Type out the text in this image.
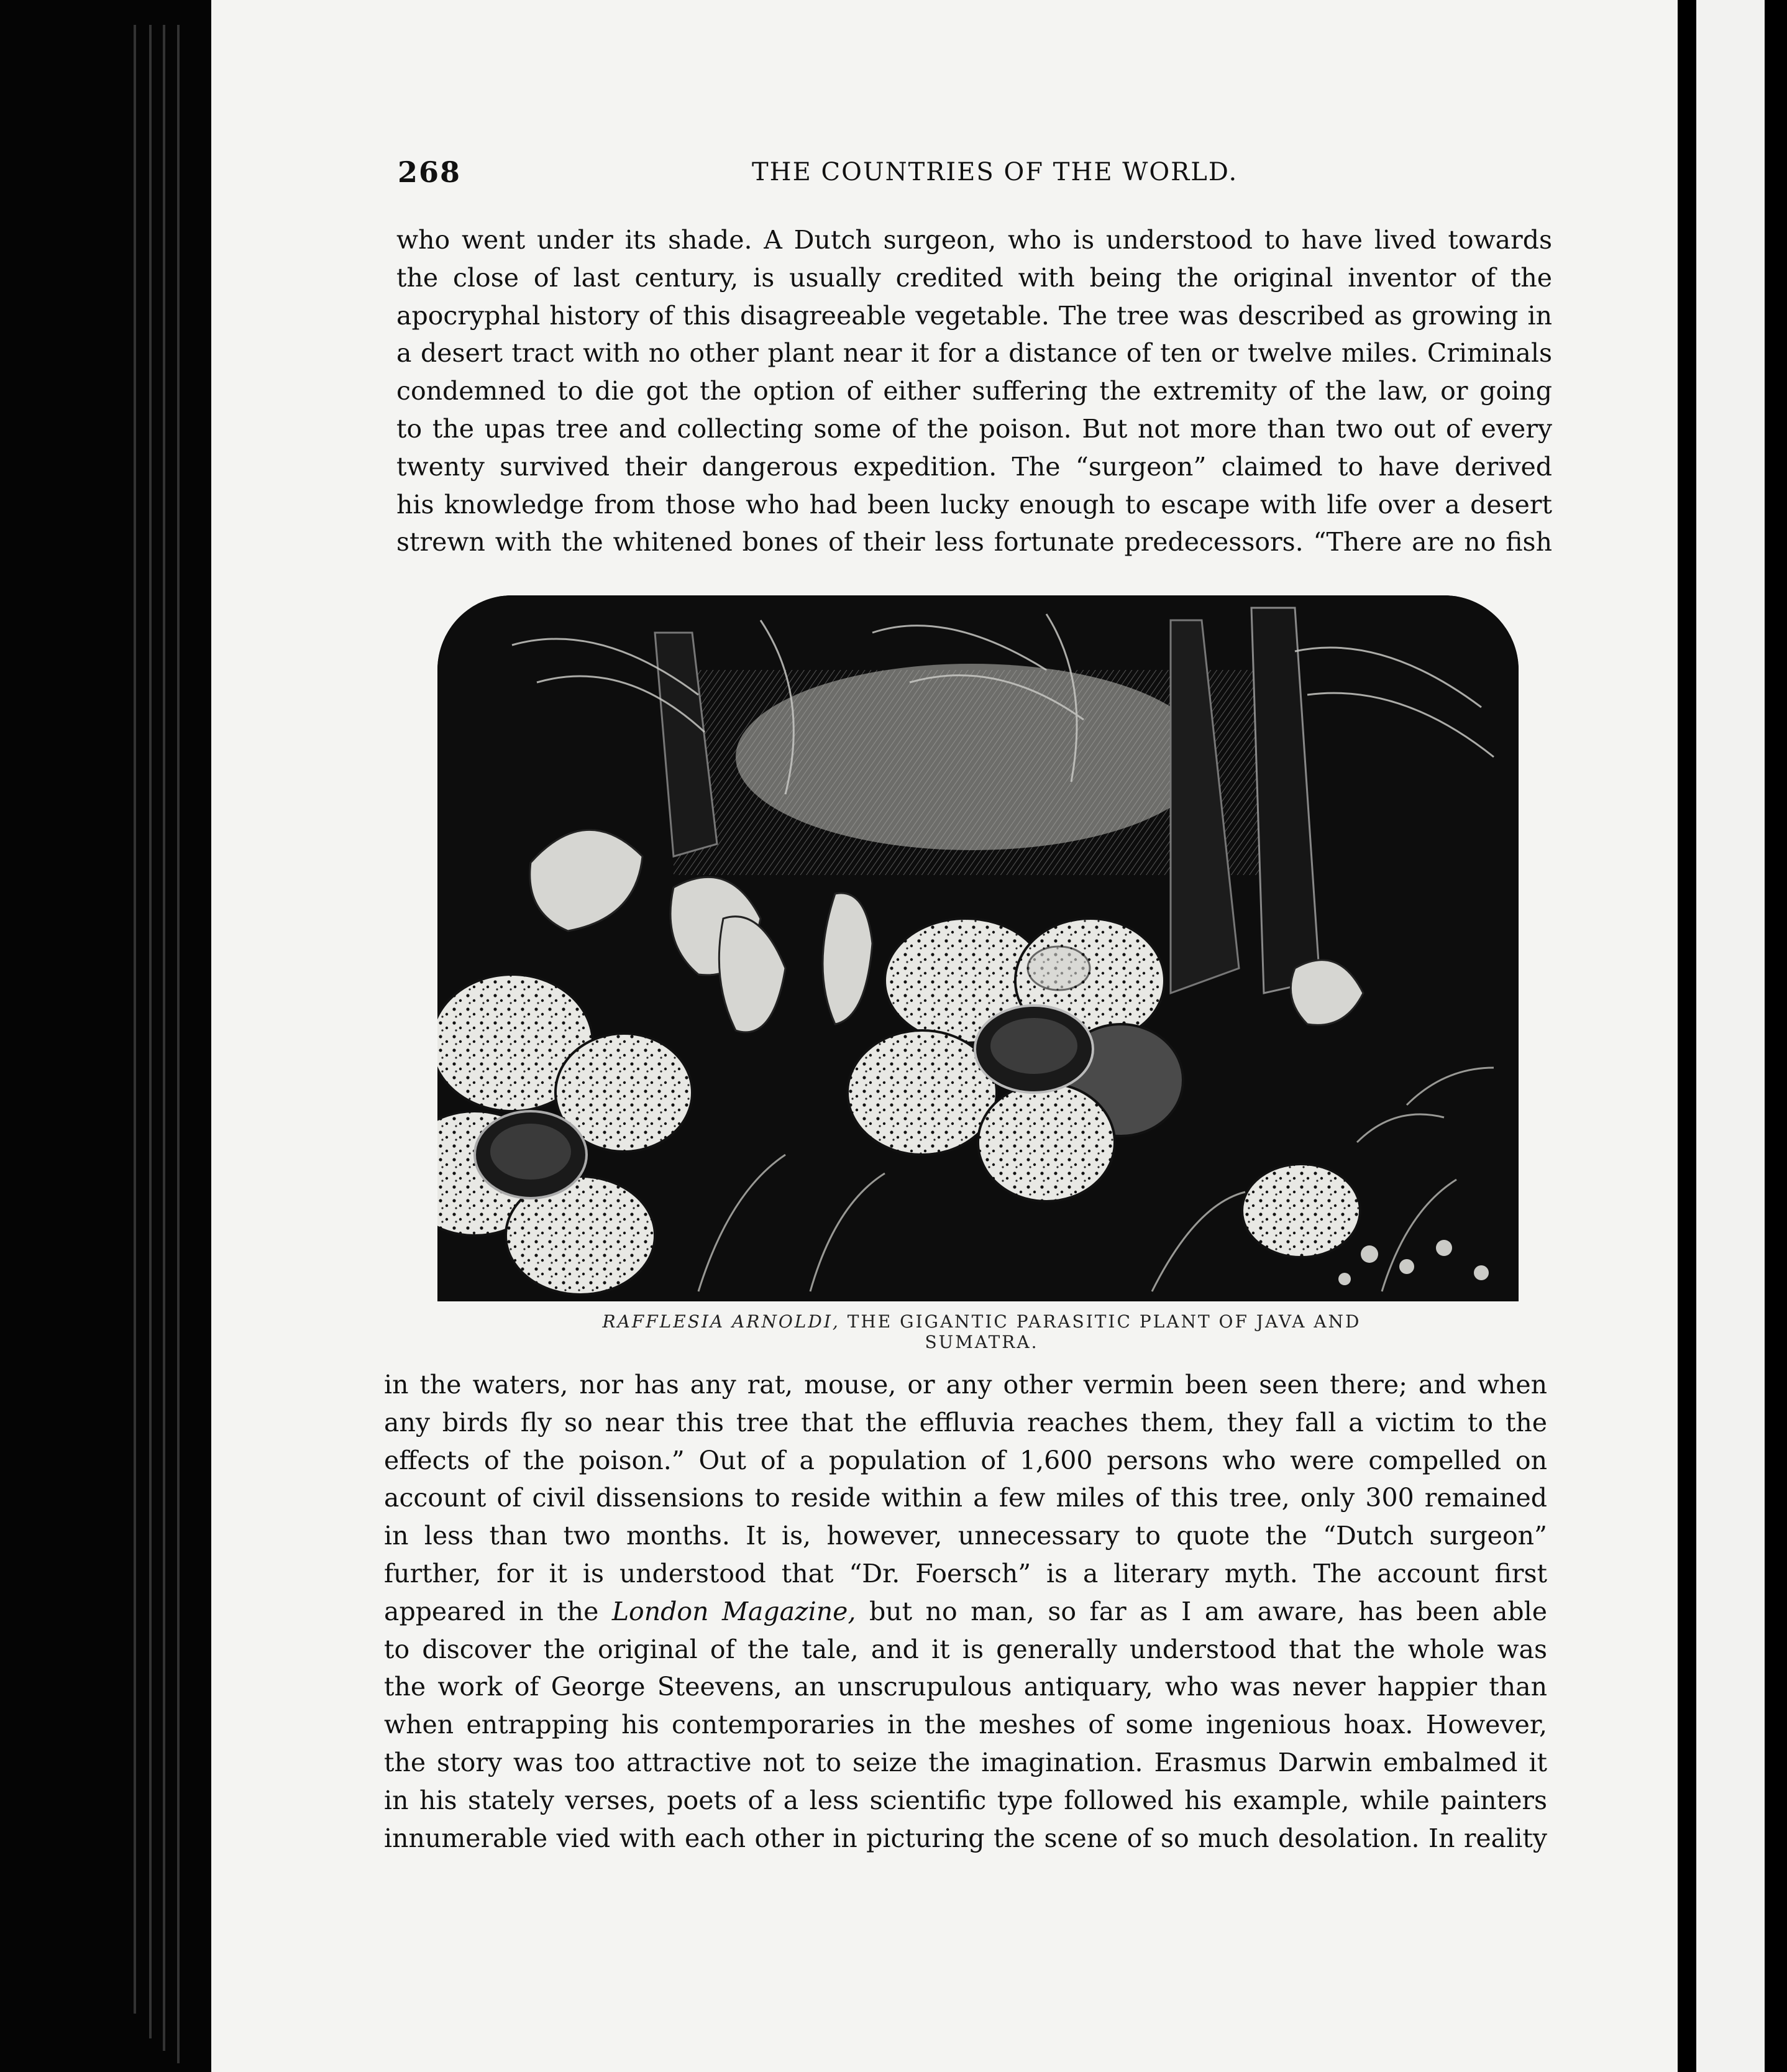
268	THE COUNTRIES OF THE WORLD.

who went under its shade. A Dutch surgeon, who is understood to have lived towards

the close of last century, is usually credited with being the original inventor of the

apocryphal history of this disagreeable vegetable. The tree was described as growing in

a desert tract with no other plant near it for a distance of ten or twelve miles. Criminals

condemned to die got the option of either suffering the extremity of the law, or going

to the upas tree and collecting some of the poison. But not more than two out of every

twenty survived their dangerous expedition. The “surgeon” claimed to have derived

his knowledge from those who had been lucky enough to escape with life over a desert

strewn with the whitened bones of their less fortunate predecessors. “There are no fish

RAFFLESIA ARNOLDI, THE GIGANTIC PARASITIC PLANT OF JAVA AND SUMATRA.

in the waters, nor has any rat, mouse, or any other vermin been seen there; and when

any birds fly so near this tree that the effluvia reaches them, they fall a victim to the

effects of the poison.” Out of a population of 1,600 persons who were compelled on

account of civil dissensions to reside within a few miles of this tree, only 300 remained

in less than two months. It is, however, unnecessary to quote the “Dutch surgeon”

further, for it is understood that “Dr. Foersch” is a literary myth. The account first

appeared in the London Magazine, but no man, so far as I am aware, has been able

to discover the original of the tale, and it is generally understood that the whole was

the work of George Steevens, an unscrupulous antiquary, who was never happier than

when entrapping his contemporaries in the meshes of some ingenious hoax. However,

the story was too attractive not to seize the imagination. Erasmus Darwin embalmed it

in his stately verses, poets of a less scientific type followed his example, while painters

innumerable vied with each other in picturing the scene of so much desolation. In reality
